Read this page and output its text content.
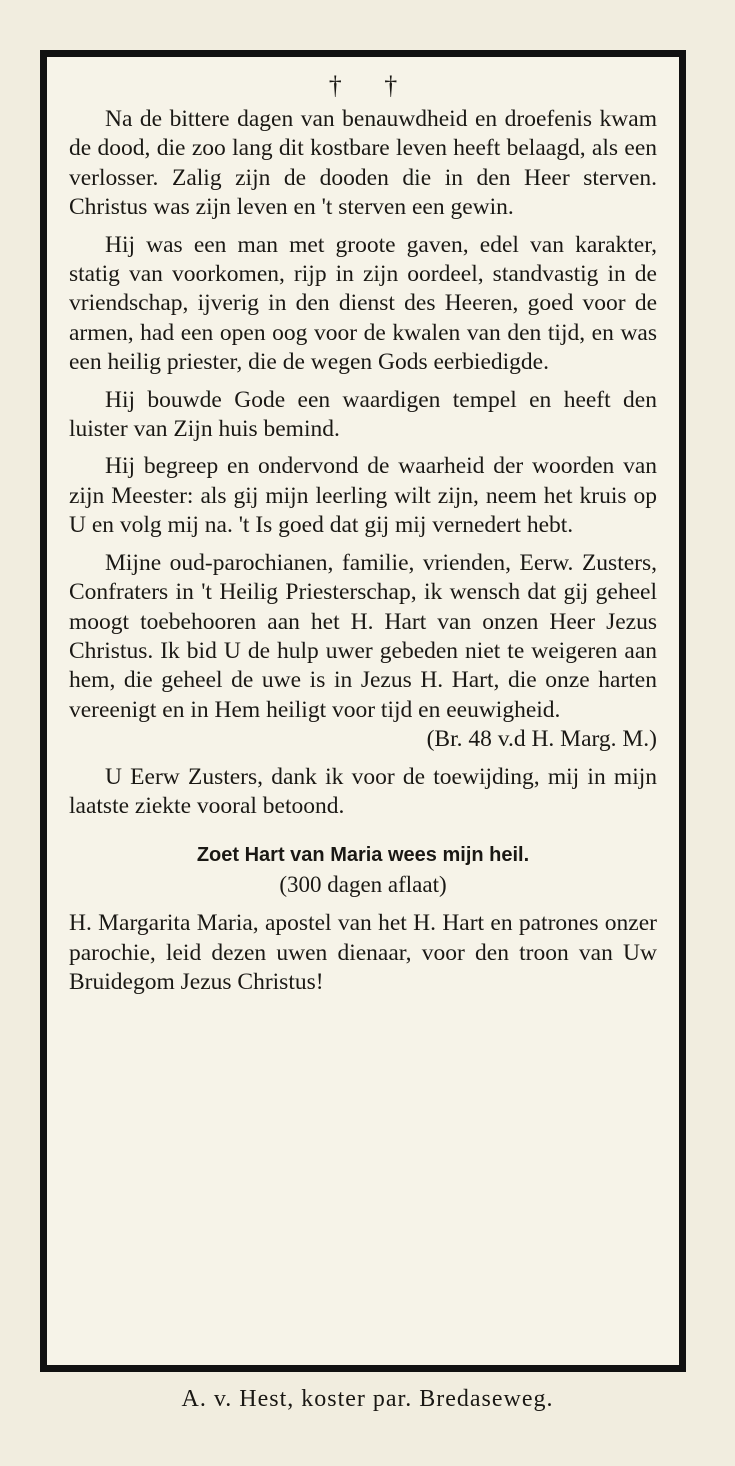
† †

Na de bittere dagen van benauwdheid en droefenis kwam de dood, die zoo lang dit kostbare leven heeft belaagd, als een verlosser. Zalig zijn de dooden die in den Heer sterven. Christus was zijn leven en 't sterven een gewin.

Hij was een man met groote gaven, edel van karakter, statig van voorkomen, rijp in zijn oordeel, standvastig in de vriendschap, ijverig in den dienst des Heeren, goed voor de armen, had een open oog voor de kwalen van den tijd, en was een heilig priester, die de wegen Gods eerbiedigde.

Hij bouwde Gode een waardigen tempel en heeft den luister van Zijn huis bemind.

Hij begreep en ondervond de waarheid der woorden van zijn Meester: als gij mijn leerling wilt zijn, neem het kruis op U en volg mij na. 't Is goed dat gij mij vernedert hebt.

Mijne oud-parochianen, familie, vrienden, Eerw. Zusters, Confraters in 't Heilig Priesterschap, ik wensch dat gij geheel moogt toebehooren aan het H. Hart van onzen Heer Jezus Christus. Ik bid U de hulp uwer gebeden niet te weigeren aan hem, die geheel de uwe is in Jezus H. Hart, die onze harten vereenigt en in Hem heiligt voor tijd en eeuwigheid.

(Br. 48 v.d H. Marg. M.)

U Eerw Zusters, dank ik voor de toewijding, mij in mijn laatste ziekte vooral betoond.

Zoet Hart van Maria wees mijn heil.
(300 dagen aflaat)

H. Margarita Maria, apostel van het H. Hart en patrones onzer parochie, leid dezen uwen dienaar, voor den troon van Uw Bruidegom Jezus Christus!

A. v. Hest, koster par. Bredaseweg.
